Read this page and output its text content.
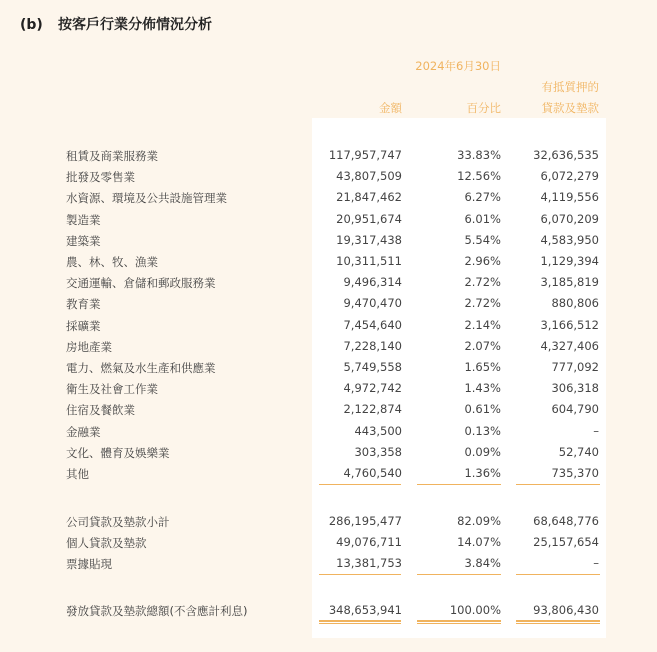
(b) 按客戶行業分佈情況分析
2024年6月30日
有抵質押的
金額	百分比	貸款及墊款
租賃及商業服務業	117,957,747	33.83%	32,636,535
批發及零售業	43,807,509	12.56%	6,072,279
水資源、環境及公共設施管理業	21,847,462	6.27%	4,119,556
製造業	20,951,674	6.01%	6,070,209
建築業	19,317,438	5.54%	4,583,950
農、林、牧、漁業	10,311,511	2.96%	1,129,394
交通運輸、倉儲和郵政服務業	9,496,314	2.72%	3,185,819
教育業	9,470,470	2.72%	880,806
採礦業	7,454,640	2.14%	3,166,512
房地產業	7,228,140	2.07%	4,327,406
電力、燃氣及水生產和供應業	5,749,558	1.65%	777,092
衛生及社會工作業	4,972,742	1.43%	306,318
住宿及餐飲業	2,122,874	0.61%	604,790
金融業	443,500	0.13%	–
文化、體育及娛樂業	303,358	0.09%	52,740
其他	4,760,540	1.36%	735,370
公司貸款及墊款小計	286,195,477	82.09%	68,648,776
個人貸款及墊款	49,076,711	14.07%	25,157,654
票據貼現	13,381,753	3.84%	–
發放貸款及墊款總額(不含應計利息)	348,653,941	100.00%	93,806,430
